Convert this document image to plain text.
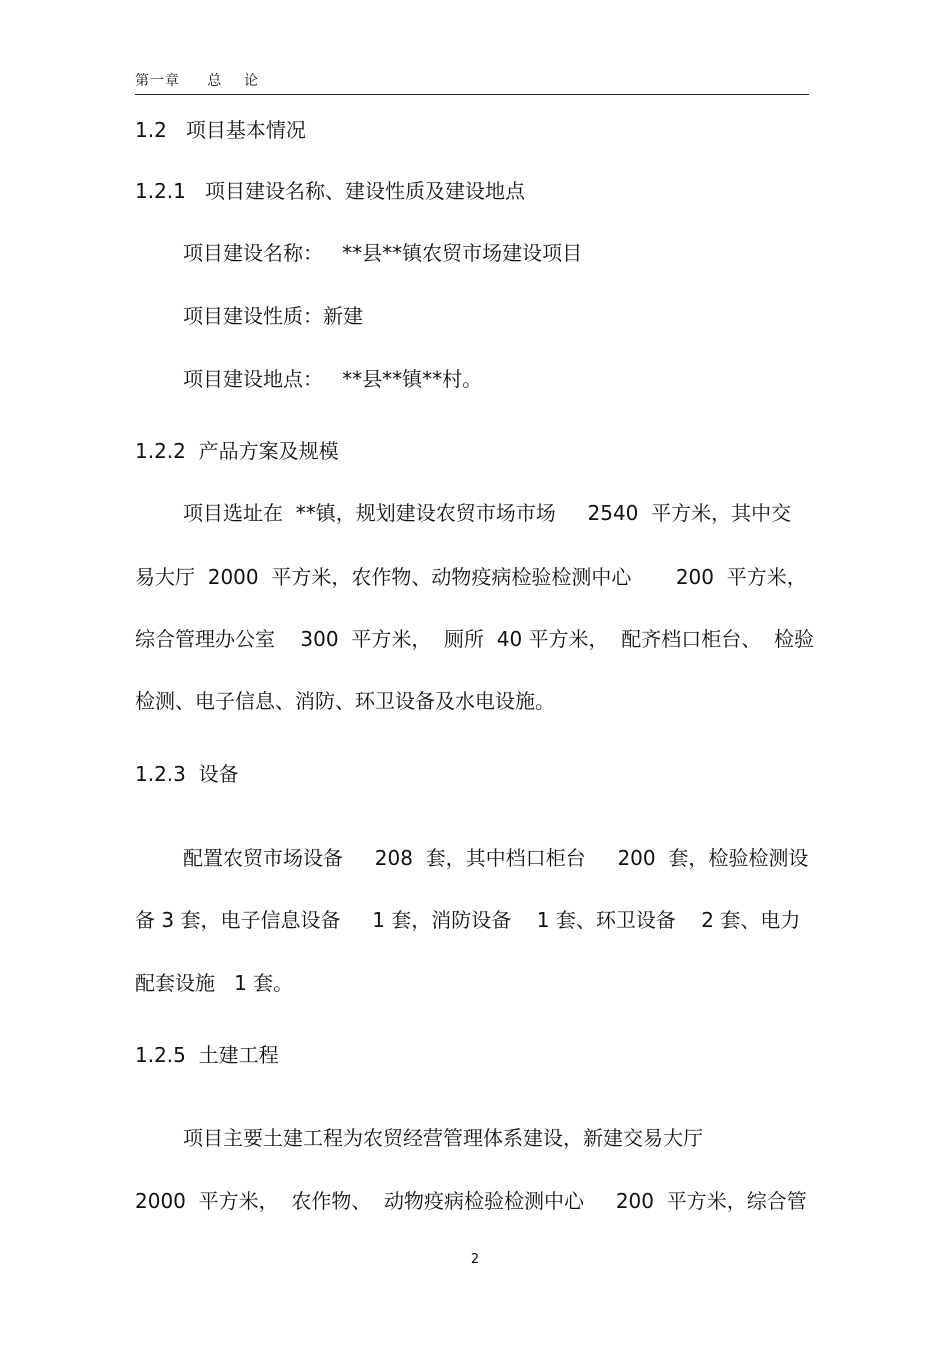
第一章     总    论
1.2   项目基本情况
1.2.1   项目建设名称、建设性质及建设地点
项目建设名称：   **县**镇农贸市场建设项目
项目建设性质：新建
项目建设地点：   **县**镇**村。
1.2.2  产品方案及规模
项目选址在  **镇，规划建设农贸市场市场     2540  平方米，其中交
易大厅  2000  平方米，农作物、动物疫病检验检测中心       200  平方米，
综合管理办公室    300  平方米，  厕所  40 平方米，  配齐档口柜台、  检验
检测、电子信息、消防、环卫设备及水电设施。
1.2.3  设备
配置农贸市场设备     208  套，其中档口柜台     200  套，检验检测设
备 3 套，电子信息设备     1 套，消防设备    1 套、环卫设备    2 套、电力
配套设施   1 套。
1.2.5  土建工程
项目主要土建工程为农贸经营管理体系建设，新建交易大厅
2000  平方米，  农作物、  动物疫病检验检测中心     200  平方米，综合管
2
